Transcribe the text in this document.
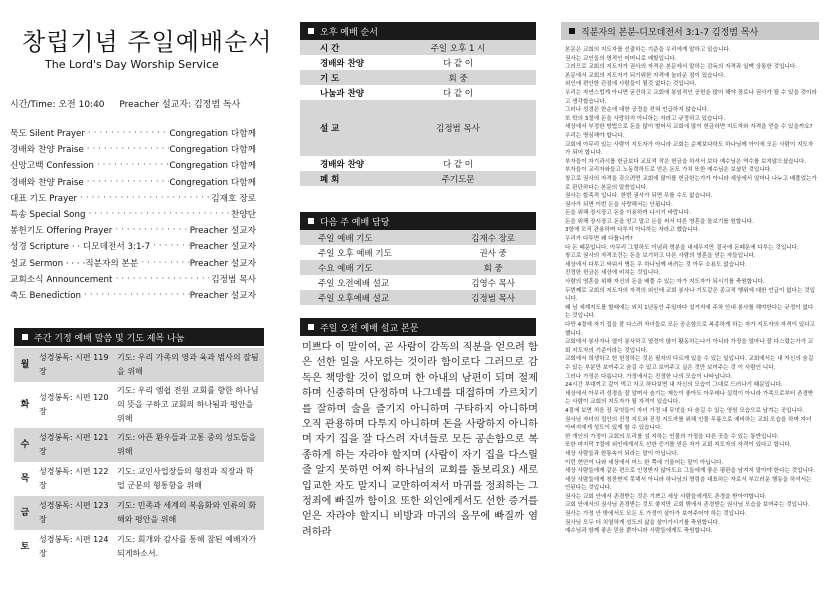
창립기념 주일예배순서
The Lord's Day Worship Service
시간/Time: 오전 10:40 Preacher 설교자: 김정범 독사
묵도 Silent Prayer ·····	Congregation 다함께
경배와 찬양 Praise ·····	Congregation 다함께
신앙고백 Confession ·····	Congregation 다함께
경배와 찬양 Praise ·····	Congregation 다함께
대표 기도 Prayer ·····	김재호 장로
특송 Special Song ·····	찬양단
봉헌기도 Offering Prayer ·····	Preacher 설교자
성경 Scripture · · 디모데전서 3:1-7 ·····	Preacher 설교자
설교 Sermon · · · ·직분자의 본분 ·····	Preacher 설교자
교회소식 Announcement ·····	김정범 목사
축도 Benediction ·····	Preacher 설교자
주간 기정 예배 말씀 및 기도 제목 나눔
월	성경봉독: 시편 119 장	기도: 우리 가족의 영과 육과 범사의 잘됨을 위해
화	성경봉독: 시편 120 장	기도: 우리 엠쉽 전원 교회를 향한 하나님의 뜻을 구하고 교회의 하나됨과 평안을 위해
수	성경봉독: 시편 121 장	기도: 아픈 환우들과 고통 중의 성도들을 위해
목	성경봉독: 시편 122 장	기도: 교인사업장들의 형전과 직장과 학업 군문의 형통함을 위해
금	성경봉독: 시편 123 장	기도: 민족과 세계의 복음화와 인류의 화해와 평안을 위해
토	성경봉독: 시편 124 장	기도: 회개와 감사를 통해 참된 예배자가 되게하소서.
오후 예배 순서
시 간	주일 오후 1 시
경배와 찬양	다 같 이
기 도	회 중
나눔과 찬양	다 같 이
설 교	김정범 목사
경배와 찬양	다 같 이
폐 회	주기도문
다음 주 예배 담당
주일 예배 기도	김재수 장로
주일 오후 예배 기도	권사 중
수요 예배 기도	회 중
주일 오전예배 설교	김영수 목사
주일 오후예배 설교	김정범 목사
주일 오전 예배 설교 본문
미쁘다 이 말이여, 곧 사람이 감독의 직분을 얻으려 함은 선한 일을 사모하는 것이라 함이로다 그러므로 감독은 책망할 것이 없으며 한 아내의 남편이 되며 절제하며 신중하며 단정하며 나그네를 대접하며 가르치기를 잘하며 술을 즐기지 아니하며 구타하지 아니하며 오직 관용하며 다투지 아니하며 돈을 사랑하지 아니하며 자기 집을 잘 다스려 자녀들로 모든 공손함으로 복종하게 하는 자라야 할지며 (사람이 자기 집을 다스릴 줄 알지 못하면 어찌 하나님의 교회를 돌보리요) 새로 입교한 자도 말지니 교만하여져서 마귀를 정죄하는 그 정죄에 빠질까 함이요 또한 외인에게서도 선한 증거를 얻은 자라야 할지니 비방과 마귀의 올무에 빠질까 염려하라
직분자의 본분-디모데전서 3:1-7 김정범 목사

본문은 교회의 지도자를 선출하는 기준을 우리에게 말하고 있습니다.

권사는 교인들의 영적인 어머니로 예할입니다.

그러므로 교회의 지도자가 권사의 자격은 본문에서 말하는 감독의 자격과 일맥 상통한 것입니다.

본문에서 교회의 지도자가 되기위한 자격에 놀라운 점이 있습니다.

외인에 편안한 관점에 사람들이 될것 없다는 것입니다.

우리는 자연스럽게 아니면 굳건하고 교회에 봉임적인 공헌을 많이 해야 장로나 권사가 될 수 있을 것이라고 생각합습니다.

그러나 성경은 한순에 대한 공정을 전혀 언급하지 않습니다.

또 학의 3절에 돈을 사랑하지 아니하는 자라고 규정하고 있습니다.

세상에서 부정한 방법으로 돈을 많이 벌어서 교회에 많이 헌금하면 지도자와 자격을 얻을 수 있을까요?

우리는 명심해야 합니다.

교회에 아무리 있는 사람이 지도자가 아니라 교회는 순제보다하도 하나님께 아이에 모든 사람이 지도자가 되어 합니다.

부자들이 자기과시를 헌금보다 교묘적 작은 헌금을 하셔서 보다 예수님은 역수를 보지않으셨습니다.

부자들이 교리자와들고 노동력하도로 얻은 돈도 가치 또한 예수님은 보셨던 것입니다.

창고로 권사의 자격을 갖으려면 교회에 많이를 헌금한는가가 아니라 세상에서 얼마나 나누고 배풀었는가로 판단하다는 본문의 말씀입니다.

권사는 합족적 입니다. 한번 권사가 되면 무를 수도 없습니다.

권사가 되면 이번 돈을 사랑해서는 안됩니다.

돈을 위해 장시장고 돈을 이용하여 나시기 바랍니다.

돈을 위해 장시장고 돈을 얻고 말고 돈을 써서 다른 영혼을 돌보기를 원합니다.

3항에 모직 관용하며 다투지 아니하는 자라고 했습니다.

우리가 다투면 왜 다툽니까?

다 돈 때문입니다. 아무리 그렇하도 이념과 명분을 내세우지만 결국에 돈때문에 다투는 것입니다.

창고로 권사의 자격조건는 돈을 보기하고 다른 사람의 영혼을 얻는 자들입니다.

세상에서 다투고 싸워서 병든 우 하나님께 버려는 것 아무 소용도 없습니다.

진정한 헌금은 세상에 비치는 것입니다.

사람의 영혼을 위해 자신의 돈을 배풀 수 있는 자가 지도자가 되시기를 축원합니다.

두번째로 교회의 지도자의 자격의 외인에 교회 봉사나 기도같은 종교적 행위에 대한 언급이 없다는 것입니다.

왜 님 세계지도를 할래에는 외치 1년동안 주일마다 설거지에 주차 안내 봉사를 해야한다는 규정이 없다는 것입니다.

다만 4절에 자기 집을 잘 다스려 자녀들로 모든 공손함으로 복종하게 하는 자가 지도자의 자격이 있다고 했니다.

교회에서 봉사자나 열이 봉사하고 열정이 많이 활동하는나가 아니라 가정을 얼마나 잘 다스렸는가가 교회 지도자의 기준이라는 것입니다.

교회에서 희생하고 헌 헌정하는 것은 필자의 다르게 있을 수 있는 일입니다. 교회에서는 내 자신의 숨길 수 있는 부분만 보여주고 숨길 수 있고 보여주고 싶은 것만 보여주는 것 이 사람인 니다.

그러나 가정은 다릅니다. 가정에서는 진정한 나의 모습이 나타납니다.

24시간 부대끼고 같이 먹고 자고 하다보면 내 자신의 모습이 그대로 드러나기 때문입니다.

세상에서 아무리 성경을 잘 알며서 숨기는 재능이 좋아도 아무데나 실력이 아니라 가족으로부터 존경받는 사람이 교회의 지도자가 될 자격이 있습니다.

4절에 보면 처음 장 무엇들이 자녀 가정 내 무엇을 다 숨길 수 있는 영원 모습으로 남겨는 곳입니다.

권사님 자녀의 집안의 진정 지도와 진정 지도자를 위해 인물 무릎으로 예비하는 교회 모습을 하며 자녀 아버지에게 성도이 있게 할 수 있습니다.

한 개인의 가정이 교회의 도리를 섬 지하는 인물의 가정을 다른 곳을 수 있는 통반입니다.

또한 마지막 7절에 외인에게서도 선한 증거를 얻은 자가 교회 지도자의 자격이 있다고 합니다.

세상 사람들과 한통속이 되라는 말이 아닙니다.

이런 현안이 나와 세상에서 어느 한 쪽에 기울어는 말이 아닙니다.

세상 사람들에게 같은 편으로 인정받지 않아도요 그들에게 좋은 평판을 남겨지 말아야 한다는 것입니다.

세상 사람들에게 칭찬받지 못해서 아니라 하나님의 명령을 대표하는 자로서 부끄러운 행동을 하셔서는 안된다는 것입니다.

권사는 교회 안에서 존경받는 것은 기쁘고 세상 사람들에게도 존경을 받아야합니다.

교회 안에서의 권사님 존경받는 것도 좋지만 교회 밖에서 존경받는 권사님 모습을 보여주는 것입니다.

권사는 가정 안 밖에서도 모든 도 가정이 살아가 보여주어야 하는 것입니다.

권사님 모두 더 치열하게 성도의 삶을 살아가시기를 축원합니다.

예수님과 함께 좋은 믿음 뿐아니라 사람들에게도 축원합니다.
